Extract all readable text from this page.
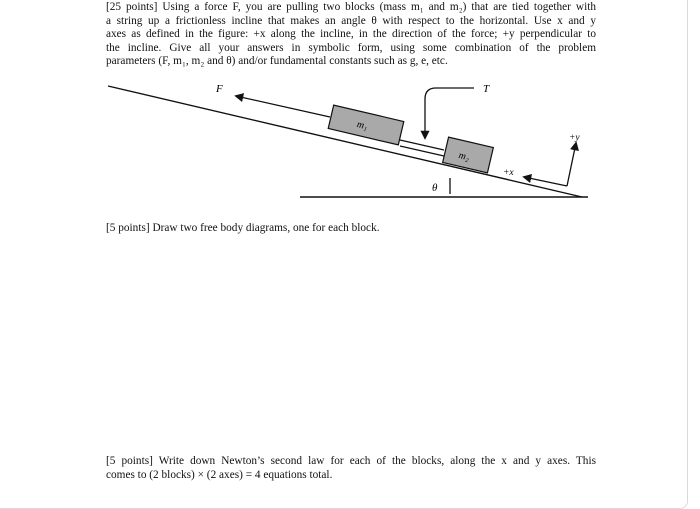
[25 points] Using a force F, you are pulling two blocks (mass m₁ and m₂) that are tied together with
a string up a frictionless incline that makes an angle θ with respect to the horizontal. Use x and y
axes as defined in the figure: +x along the incline, in the direction of the force; +y perpendicular to
the incline. Give all your answers in symbolic form, using some combination of the problem
parameters (F, m₁, m₂ and θ) and/or fundamental constants such as g, e, etc.
F
m₁
m₂
T
θ
+x
+y
[5 points] Draw two free body diagrams, one for each block.
[5 points] Write down Newton’s second law for each of the blocks, along the x and y axes. This
comes to (2 blocks) × (2 axes) = 4 equations total.
